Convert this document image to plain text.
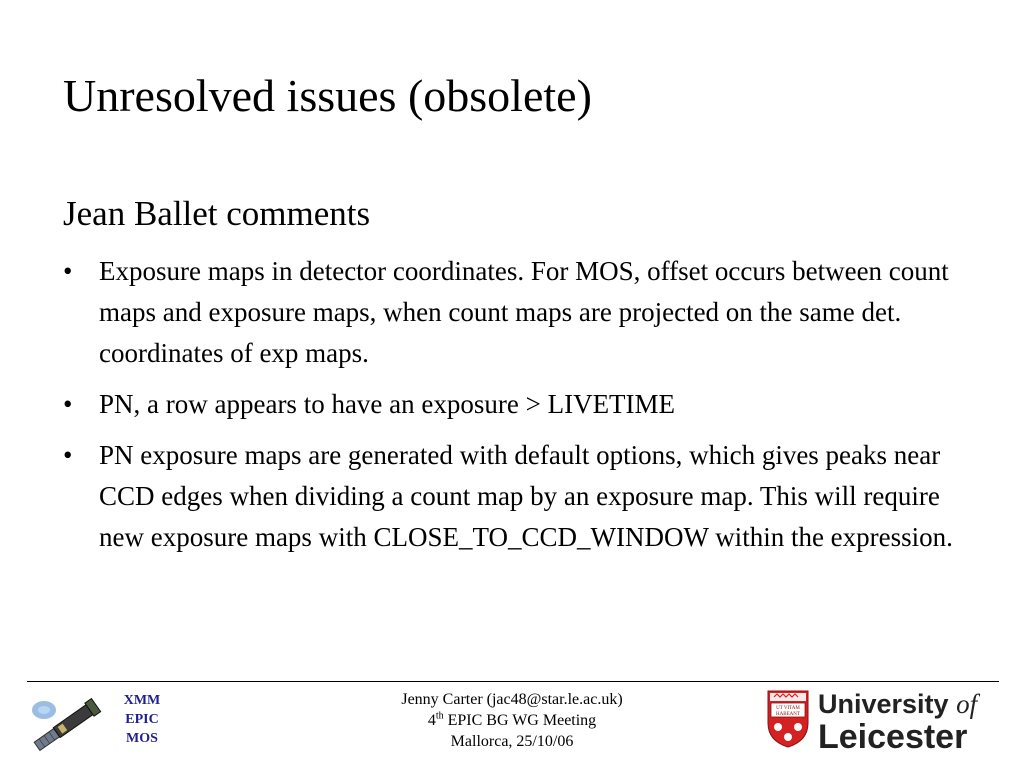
Unresolved issues (obsolete)
Jean Ballet comments
• Exposure maps in detector coordinates. For MOS, offset occurs between count maps and exposure maps, when count maps are projected on the same det. coordinates of exp maps.
• PN, a row appears to have an exposure > LIVETIME
• PN exposure maps are generated with default options, which gives peaks near CCD edges when dividing a count map by an exposure map. This will require new exposure maps with CLOSE_TO_CCD_WINDOW within the expression.
XMM
EPIC
MOS
Jenny Carter (jac48@star.le.ac.uk)
4th EPIC BG WG Meeting
Mallorca, 25/10/06
UT VITAM
HABEANT University of
Leicester
